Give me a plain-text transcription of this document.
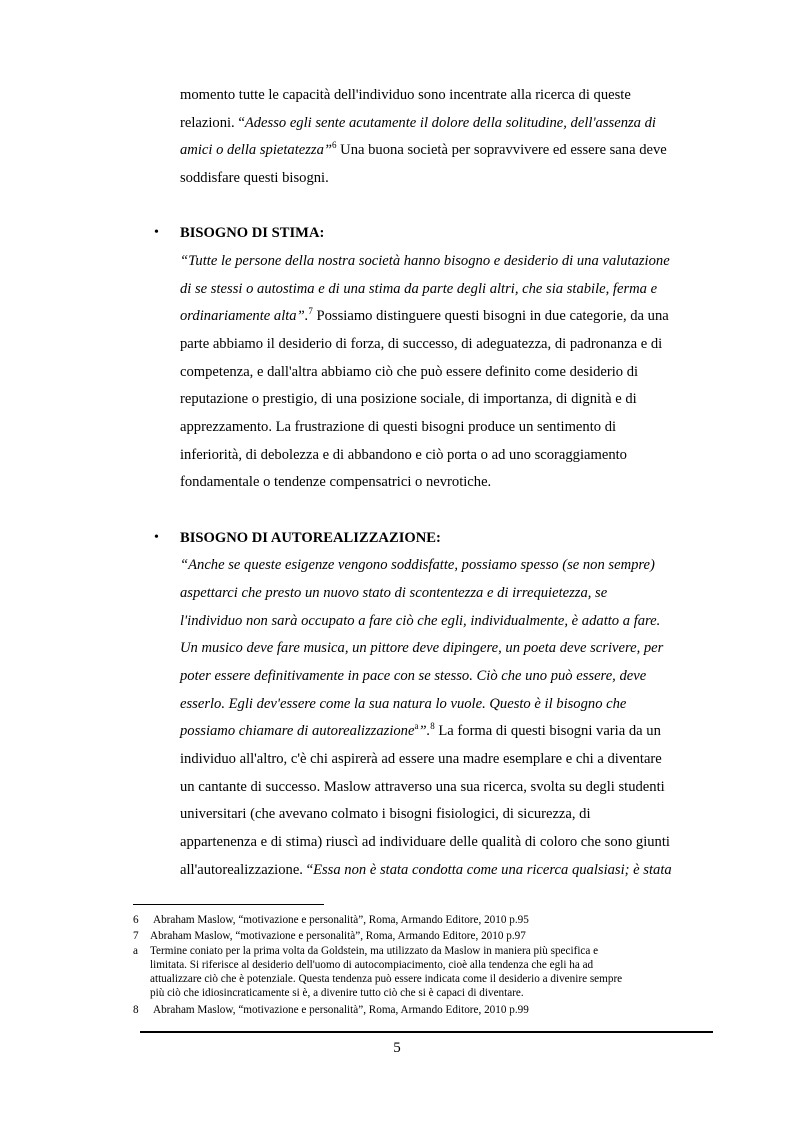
momento tutte le capacità dell'individuo sono incentrate alla ricerca di queste
relazioni. “Adesso egli sente acutamente il dolore della solitudine, dell'assenza di
amici o della spietatezza”$^6$ Una buona società per sopravvivere ed essere sana deve
soddisfare questi bisogni.
• BISOGNO DI STIMA:
“Tutte le persone della nostra società hanno bisogno e desiderio di una valutazione
di se stessi o autostima e di una stima da parte degli altri, che sia stabile, ferma e
ordinariamente alta”.$^7$ Possiamo distinguere questi bisogni in due categorie, da una
parte abbiamo il desiderio di forza, di successo, di adeguatezza, di padronanza e di
competenza, e dall'altra abbiamo ciò che può essere definito come desiderio di
reputazione o prestigio, di una posizione sociale, di importanza, di dignità e di
apprezzamento. La frustrazione di questi bisogni produce un sentimento di
inferiorità, di debolezza e di abbandono e ciò porta o ad uno scoraggiamento
fondamentale o tendenze compensatrici o nevrotiche.
• BISOGNO DI AUTOREALIZZAZIONE:
“Anche se queste esigenze vengono soddisfatte, possiamo spesso (se non sempre)
aspettarci che presto un nuovo stato di scontentezza e di irrequietezza, se
l'individuo non sarà occupato a fare ciò che egli, individualmente, è adatto a fare.
Un musico deve fare musica, un pittore deve dipingere, un poeta deve scrivere, per
poter essere definitivamente in pace con se stesso. Ciò che uno può essere, deve
esserlo. Egli dev'essere come la sua natura lo vuole. Questo è il bisogno che
possiamo chiamare di autorealizzazione$^a$”.$^8$ La forma di questi bisogni varia da un
individuo all'altro, c'è chi aspirerà ad essere una madre esemplare e chi a diventare
un cantante di successo. Maslow attraverso una sua ricerca, svolta su degli studenti
universitari (che avevano colmato i bisogni fisiologici, di sicurezza, di
appartenenza e di stima) riuscì ad individuare delle qualità di coloro che sono giunti
all'autorealizzazione. “Essa non è stata condotta come una ricerca qualsiasi; è stata
6 Abraham Maslow, “motivazione e personalità”, Roma, Armando Editore, 2010 p.95
7 Abraham Maslow, “motivazione e personalità”, Roma, Armando Editore, 2010 p.97
a Termine coniato per la prima volta da Goldstein, ma utilizzato da Maslow in maniera più specifica e
limitata. Si riferisce al desiderio dell'uomo di autocompiacimento, cioè alla tendenza che egli ha ad
attualizzare ciò che è potenziale. Questa tendenza può essere indicata come il desiderio a divenire sempre
più ciò che idiosincraticamente si è, a divenire tutto ciò che si è capaci di diventare.
8 Abraham Maslow, “motivazione e personalità”, Roma, Armando Editore, 2010 p.99
5
